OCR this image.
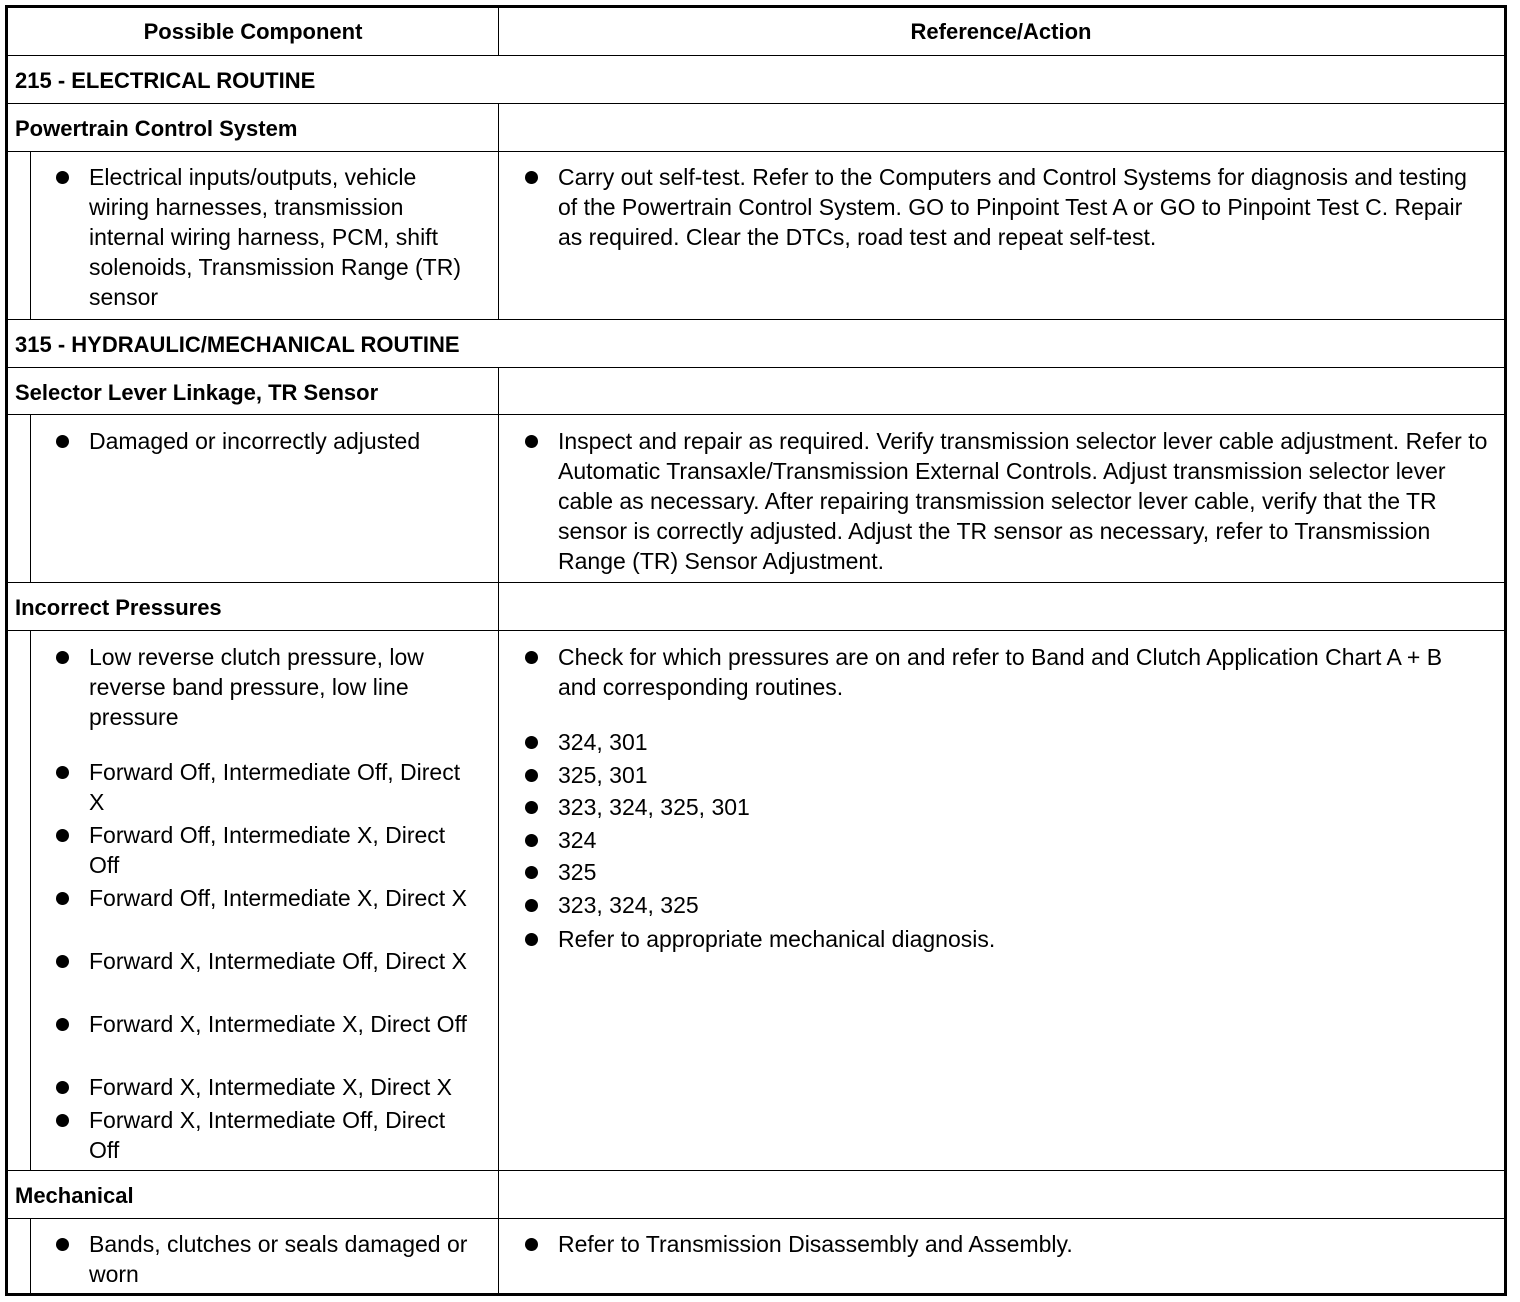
Possible Component	Reference/Action
215 - ELECTRICAL ROUTINE
Powertrain Control System
Electrical inputs/outputs, vehicle wiring harnesses, transmission internal wiring harness, PCM, shift solenoids, Transmission Range (TR) sensor
Carry out self-test. Refer to the Computers and Control Systems for diagnosis and testing of the Powertrain Control System. GO to Pinpoint Test A or GO to Pinpoint Test C. Repair as required. Clear the DTCs, road test and repeat self-test.
315 - HYDRAULIC/MECHANICAL ROUTINE
Selector Lever Linkage, TR Sensor
Damaged or incorrectly adjusted	Inspect and repair as required. Verify transmission selector lever cable adjustment. Refer to Automatic Transaxle/Transmission External Controls. Adjust transmission selector lever cable as necessary. After repairing transmission selector lever cable, verify that the TR sensor is correctly adjusted. Adjust the TR sensor as necessary, refer to Transmission Range (TR) Sensor Adjustment.
Incorrect Pressures
Low reverse clutch pressure, low reverse band pressure, low line pressure
Forward Off, Intermediate Off, Direct X
Forward Off, Intermediate X, Direct Off
Forward Off, Intermediate X, Direct X
Forward X, Intermediate Off, Direct X
Forward X, Intermediate X, Direct Off
Forward X, Intermediate X, Direct X
Forward X, Intermediate Off, Direct Off
Check for which pressures are on and refer to Band and Clutch Application Chart A + B and corresponding routines.
324, 301
325, 301
323, 324, 325, 301
324
325
323, 324, 325
Refer to appropriate mechanical diagnosis.
Mechanical
Bands, clutches or seals damaged or worn
Refer to Transmission Disassembly and Assembly.
